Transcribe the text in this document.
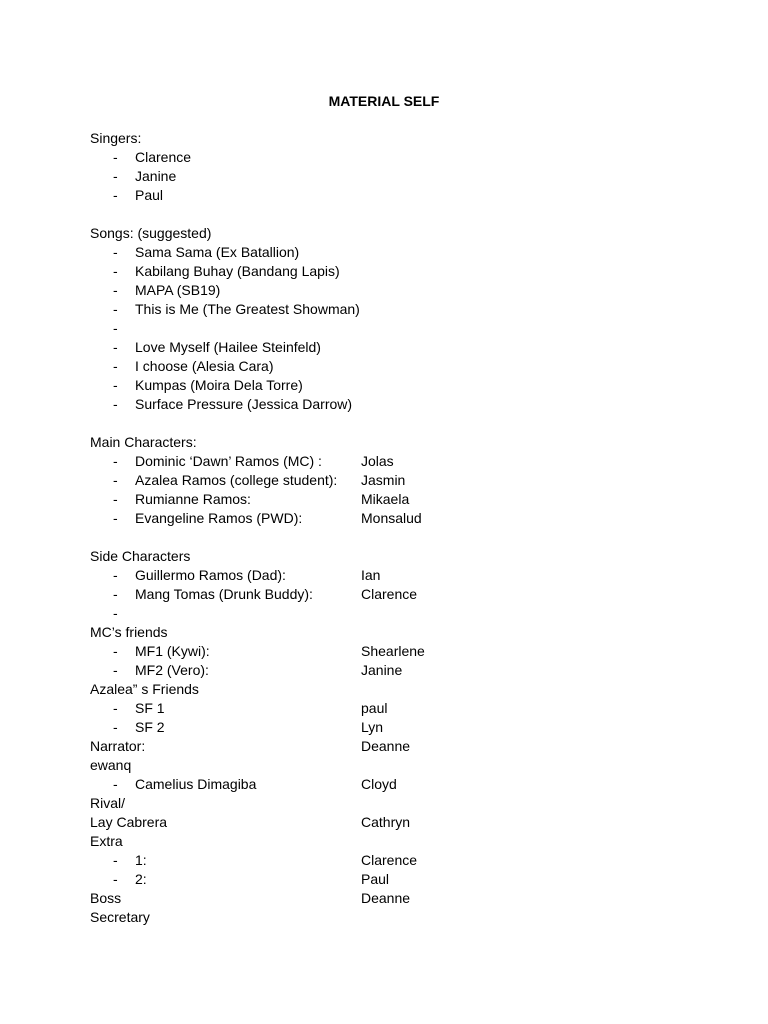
MATERIAL SELF
Singers:
- Clarence
- Janine
- Paul
Songs: (suggested)
- Sama Sama (Ex Batallion)
- Kabilang Buhay (Bandang Lapis)
- MAPA (SB19)
- This is Me (The Greatest Showman)
-
- Love Myself (Hailee Steinfeld)
- I choose (Alesia Cara)
- Kumpas (Moira Dela Torre)
- Surface Pressure (Jessica Darrow)
Main Characters:
- Dominic ‘Dawn’ Ramos (MC) :	Jolas
- Azalea Ramos (college student): Jasmin
- Rumianne Ramos:	Mikaela
- Evangeline Ramos (PWD):	Monsalud
Side Characters
- Guillermo Ramos (Dad):	Ian
- Mang Tomas (Drunk Buddy):	Clarence
-
MC’s friends
- MF1 (Kywi):	Shearlene
- MF2 (Vero):	Janine
Azalea” s Friends
- SF 1	paul
- SF 2	Lyn
Narrator:	Deanne
ewanq
- Camelius Dimagiba	Cloyd
Rival/
Lay Cabrera	Cathryn
Extra
- 1:	Clarence
- 2:	Paul
Boss	Deanne
Secretary
